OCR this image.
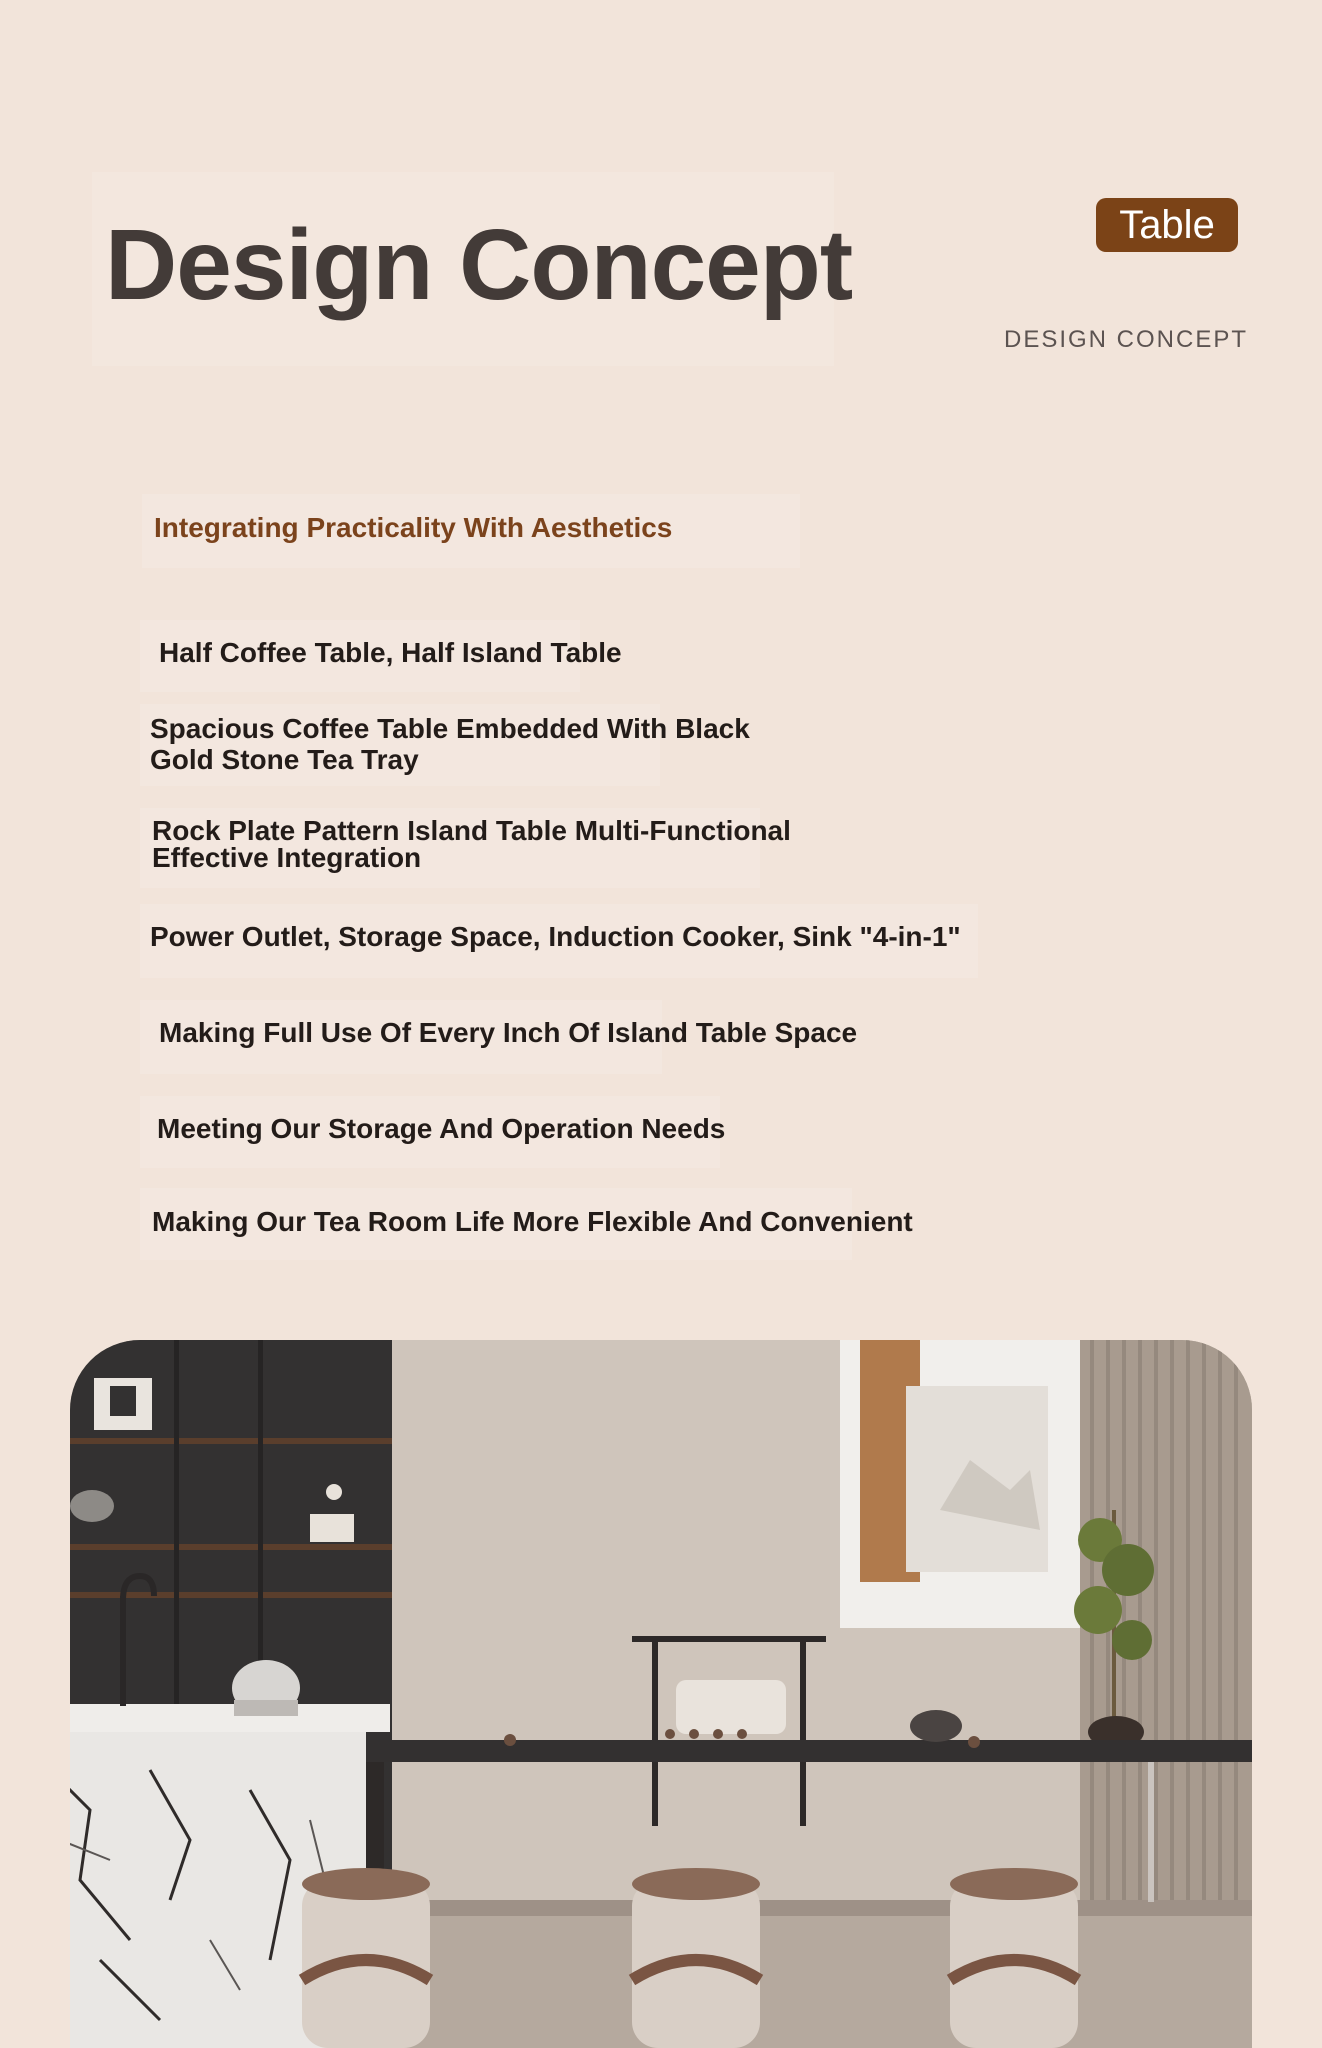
Design Concept	Table
DESIGN CONCEPT
Integrating Practicality With Aesthetics
Half Coffee Table, Half Island Table
Spacious Coffee Table Embedded With Black Gold Stone Tea Tray
Rock Plate Pattern Island Table Multi-Functional Effective Integration
Power Outlet, Storage Space, Induction Cooker, Sink "4-in-1"
Making Full Use Of Every Inch Of Island Table Space
Meeting Our Storage And Operation Needs
Making Our Tea Room Life More Flexible And Convenient
